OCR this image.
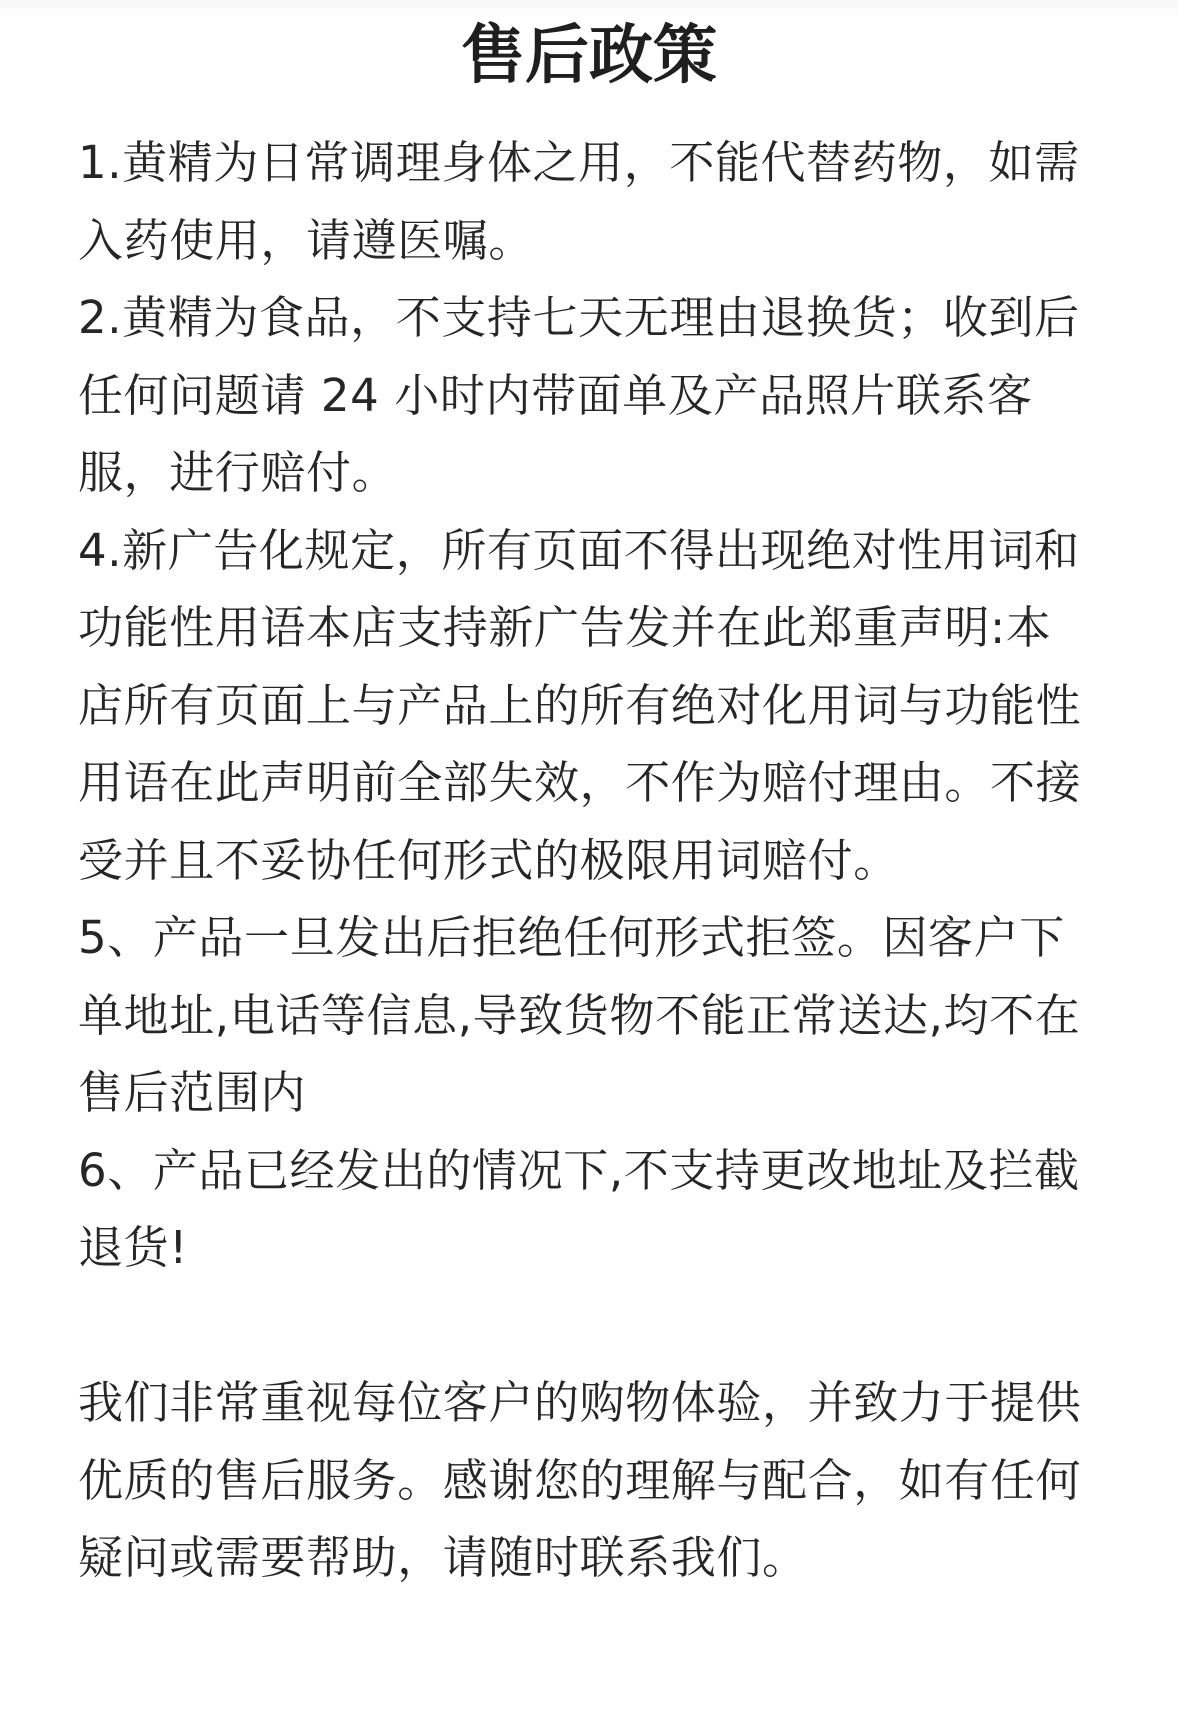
售后政策

1.黄精为日常调理身体之用，不能代替药物，如需入药使用，请遵医嘱。

2.黄精为食品，不支持七天无理由退换货；收到后任何问题请 24 小时内带面单及产品照片联系客服，进行赔付。

4.新广告化规定，所有页面不得出现绝对性用词和功能性用语本店支持新广告发并在此郑重声明:本店所有页面上与产品上的所有绝对化用词与功能性用语在此声明前全部失效，不作为赔付理由。不接受并且不妥协任何形式的极限用词赔付。

5、产品一旦发出后拒绝任何形式拒签。因客户下单地址,电话等信息,导致货物不能正常送达,均不在售后范围内

6、产品已经发出的情况下,不支持更改地址及拦截退货!

我们非常重视每位客户的购物体验，并致力于提供优质的售后服务。感谢您的理解与配合，如有任何疑问或需要帮助，请随时联系我们。
